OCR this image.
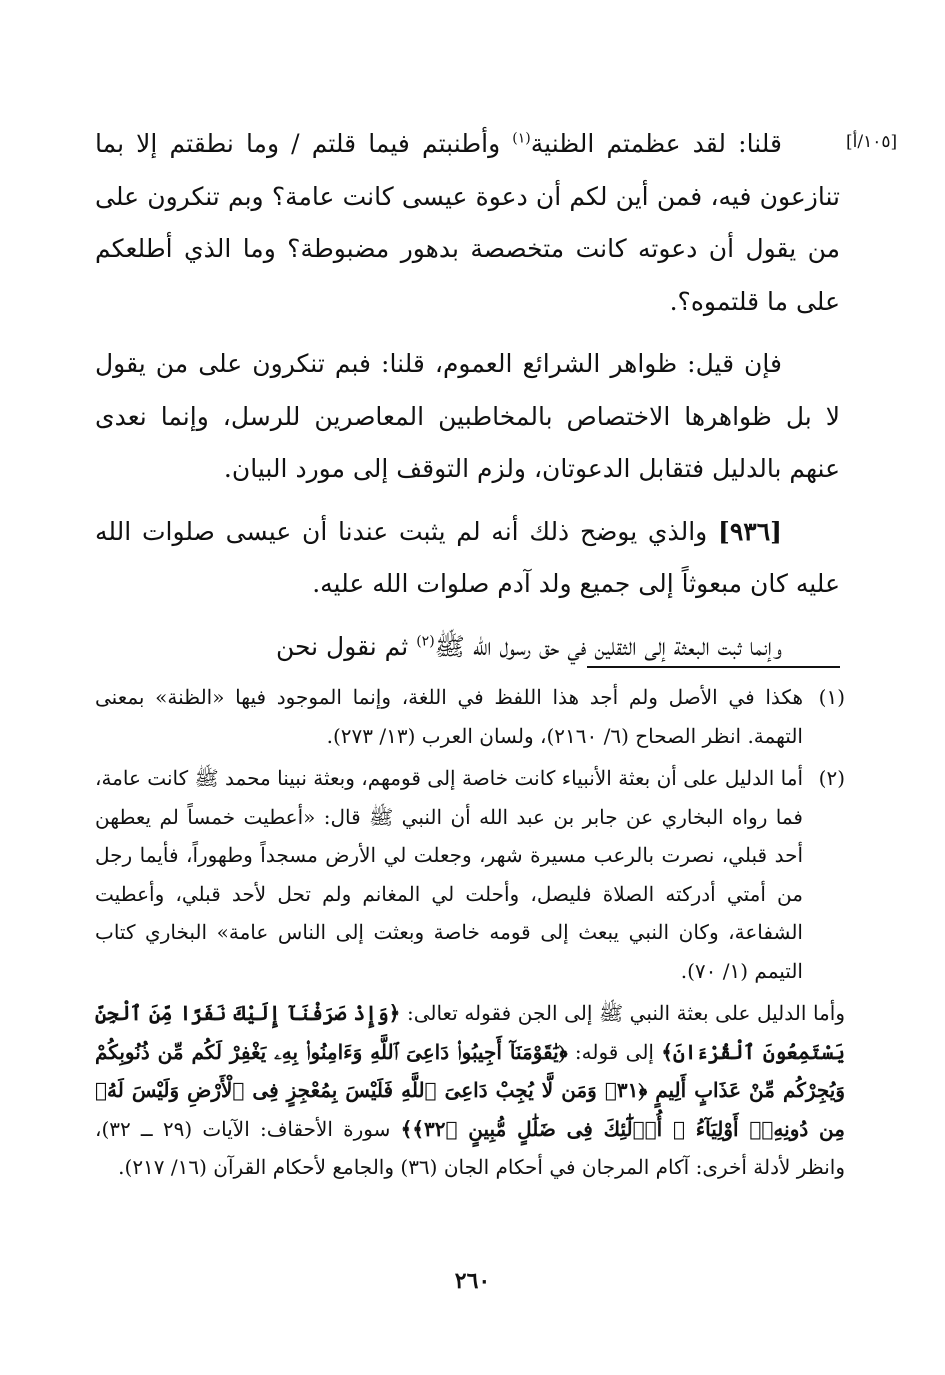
[١٠٥/أ]

قلنا: لقد عظمتم الظنية$^{(١)}$ وأطنبتم فيما قلتم / وما نطقتم إلا بما تنازعون فيه، فمن أين لكم أن دعوة عيسى كانت عامة؟ وبم تنكرون على من يقول أن دعوته كانت متخصصة بدهور مضبوطة؟ وما الذي أطلعكم على ما قلتموه؟.

فإن قيل: ظواهر الشرائع العموم، قلنا: فبم تنكرون على من يقول لا بل ظواهرها الاختصاص بالمخاطبين المعاصرين للرسل، وإنما نعدى عنهم بالدليل فتقابل الدعوتان، ولزم التوقف إلى مورد البيان.

[٩٣٦] والذي يوضح ذلك أنه لم يثبت عندنا أن عيسى صلوات الله عليه كان مبعوثاً إلى جميع ولد آدم صلوات الله عليه.

وإنما ثبت البعثة إلى الثقلين في حق رسول الله ﷺ$^{(٢)}$ ثم نقول نحن

(١)
هكذا في الأصل ولم أجد هذا اللفظ في اللغة، وإنما الموجود فيها «الظنة» بمعنى التهمة. انظر الصحاح (٦/ ٢١٦٠)، ولسان العرب (١٣/ ٢٧٣).

(٢)
أما الدليل على أن بعثة الأنبياء كانت خاصة إلى قومهم، وبعثة نبينا محمد ﷺ كانت عامة، فما رواه البخاري عن جابر بن عبد الله أن النبي ﷺ قال: «أعطيت خمساً لم يعطهن أحد قبلي، نصرت بالرعب مسيرة شهر، وجعلت لي الأرض مسجداً وطهوراً، فأيما رجل من أمتي أدركته الصلاة فليصل، وأحلت لي المغانم ولم تحل لأحد قبلي، وأعطيت الشفاعة، وكان النبي يبعث إلى قومه خاصة وبعثت إلى الناس عامة» البخاري كتاب التيمم (١/ ٧٠).

وأما الدليل على بعثة النبي ﷺ إلى الجن فقوله تعالى: ﴿وَإِذْ صَرَفْنَآ إِلَيْكَ نَفَرًا مِّنَ ٱلْجِنِّ يَسْتَمِعُونَ ٱلْقُرْءَانَ﴾ إلى قوله: ﴿يَٰقَوْمَنَآ أَجِيبُوا۟ دَاعِىَ ٱللَّهِ وَءَامِنُوا۟ بِهِۦ يَغْفِرْ لَكُم مِّن ذُنُوبِكُمْ وَيُجِرْكُم مِّنْ عَذَابٍ أَلِيمٍ ﴿٣١﴾ وَمَن لَّا يُجِبْ دَاعِىَ ٱللَّهِ فَلَيْسَ بِمُعْجِزٍ فِى ٱلْأَرْضِ وَلَيْسَ لَهُۥ مِن دُونِهِۦٓ أَوْلِيَآءُ ۚ أُو۟لَٰٓئِكَ فِى ضَلَٰلٍ مُّبِينٍ ﴿٣٢﴾﴾ سورة الأحقاف: الآيات (٢٩ ــ ٣٢)، وانظر لأدلة أخرى: آكام المرجان في أحكام الجان (٣٦) والجامع لأحكام القرآن (١٦/ ٢١٧).

٢٦٠
